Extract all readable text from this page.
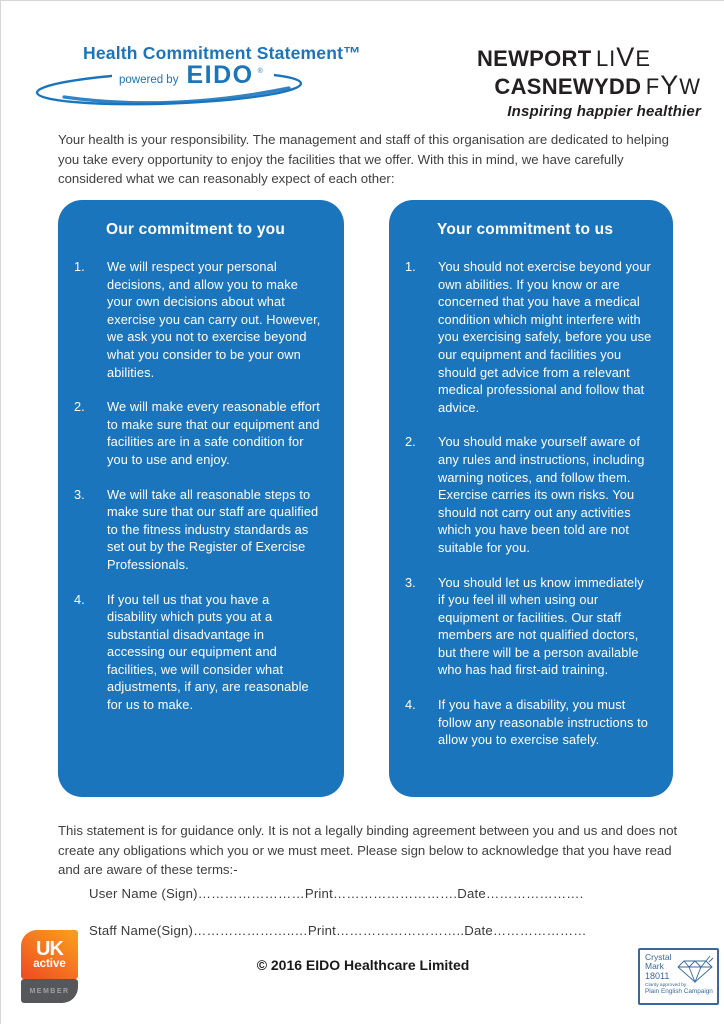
Health Commitment Statement™
powered by EIDO ®
NEWPORT LIVE
CASNEWYDD FYW
Inspiring happier healthier
Your health is your responsibility. The management and staff of this organisation are dedicated to helping you take every opportunity to enjoy the facilities that we offer. With this in mind, we have carefully considered what we can reasonably expect of each other:
Our commitment to you
1.	We will respect your personal decisions, and allow you to make your own decisions about what exercise you can carry out. However, we ask you not to exercise beyond what you consider to be your own abilities.
2.	We will make every reasonable effort to make sure that our equipment and facilities are in a safe condition for you to use and enjoy.
3.	We will take all reasonable steps to make sure that our staff are qualified to the fitness industry standards as set out by the Register of Exercise Professionals.
4.	If you tell us that you have a disability which puts you at a substantial disadvantage in accessing our equipment and facilities, we will consider what adjustments, if any, are reasonable for us to make.
Your commitment to us
1.	You should not exercise beyond your own abilities. If you know or are concerned that you have a medical condition which might interfere with you exercising safely, before you use our equipment and facilities you should get advice from a relevant medical professional and follow that advice.
2.	You should make yourself aware of any rules and instructions, including warning notices, and follow them. Exercise carries its own risks. You should not carry out any activities which you have been told are not suitable for you.
3.	You should let us know immediately if you feel ill when using our equipment or facilities. Our staff members are not qualified doctors, but there will be a person available who has had first-aid training.
4.	If you have a disability, you must follow any reasonable instructions to allow you to exercise safely.
This statement is for guidance only. It is not a legally binding agreement between you and us and does not create any obligations which you or we must meet. Please sign below to acknowledge that you have read and are aware of these terms:-
User Name (Sign)……………………Print……………………….Date………………….
Staff Name(Sign)…………………..…Print………………………..Date…………………
UK
active
MEMBER
© 2016 EIDO Healthcare Limited	Crystal
Mark
18011
Clarity approved by
Plain English Campaign
